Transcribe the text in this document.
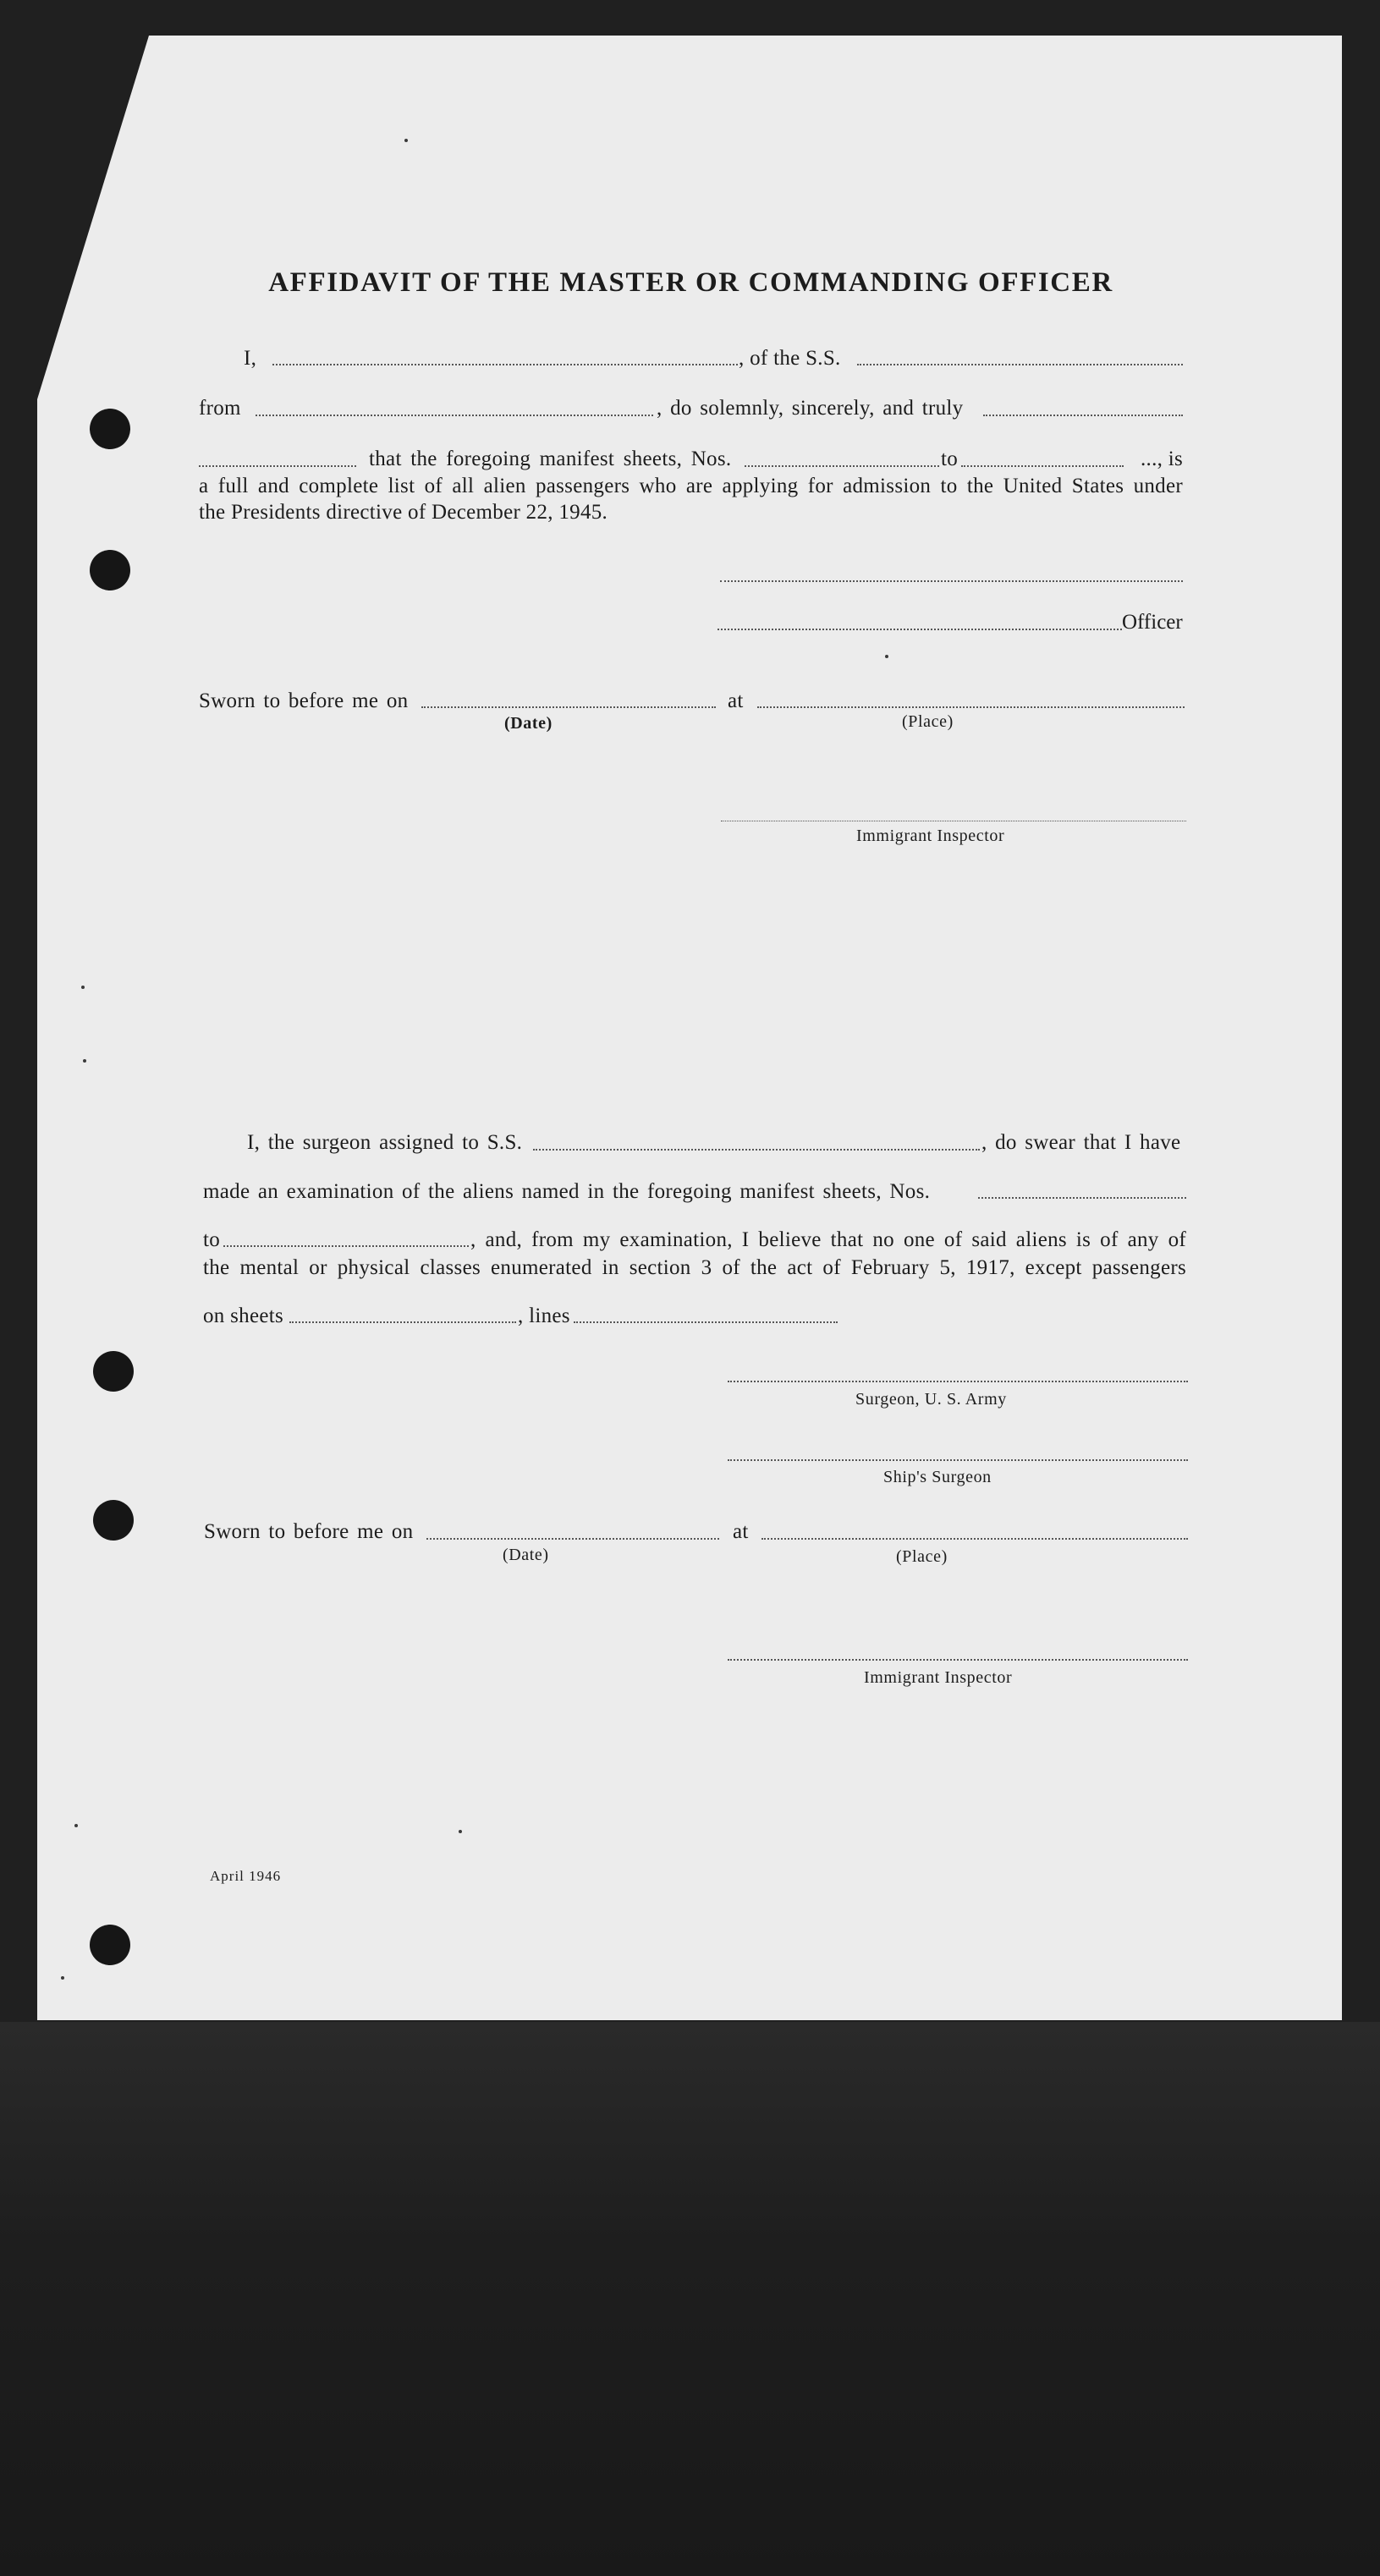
AFFIDAVIT OF THE MASTER OR COMMANDING OFFICER
I,	, of the S.S.
from	, do solemnly, sincerely, and truly
that the foregoing manifest sheets, Nos.	to	..., is
a full and complete list of all alien passengers who are applying for admission to the United States under
the Presidents directive of December 22, 1945.
Officer
Sworn to before me on	at
(Date)	(Place)
Immigrant Inspector
I, the surgeon assigned to S.S.	, do swear that I have
made an examination of the aliens named in the foregoing manifest sheets, Nos.
to	, and, from my examination, I believe that no one of said aliens is of any of
the mental or physical classes enumerated in section 3 of the act of February 5, 1917, except passengers
on sheets	, lines
Surgeon, U. S. Army
Ship's Surgeon
Sworn to before me on	at
(Date)	(Place)
Immigrant Inspector
April 1946
